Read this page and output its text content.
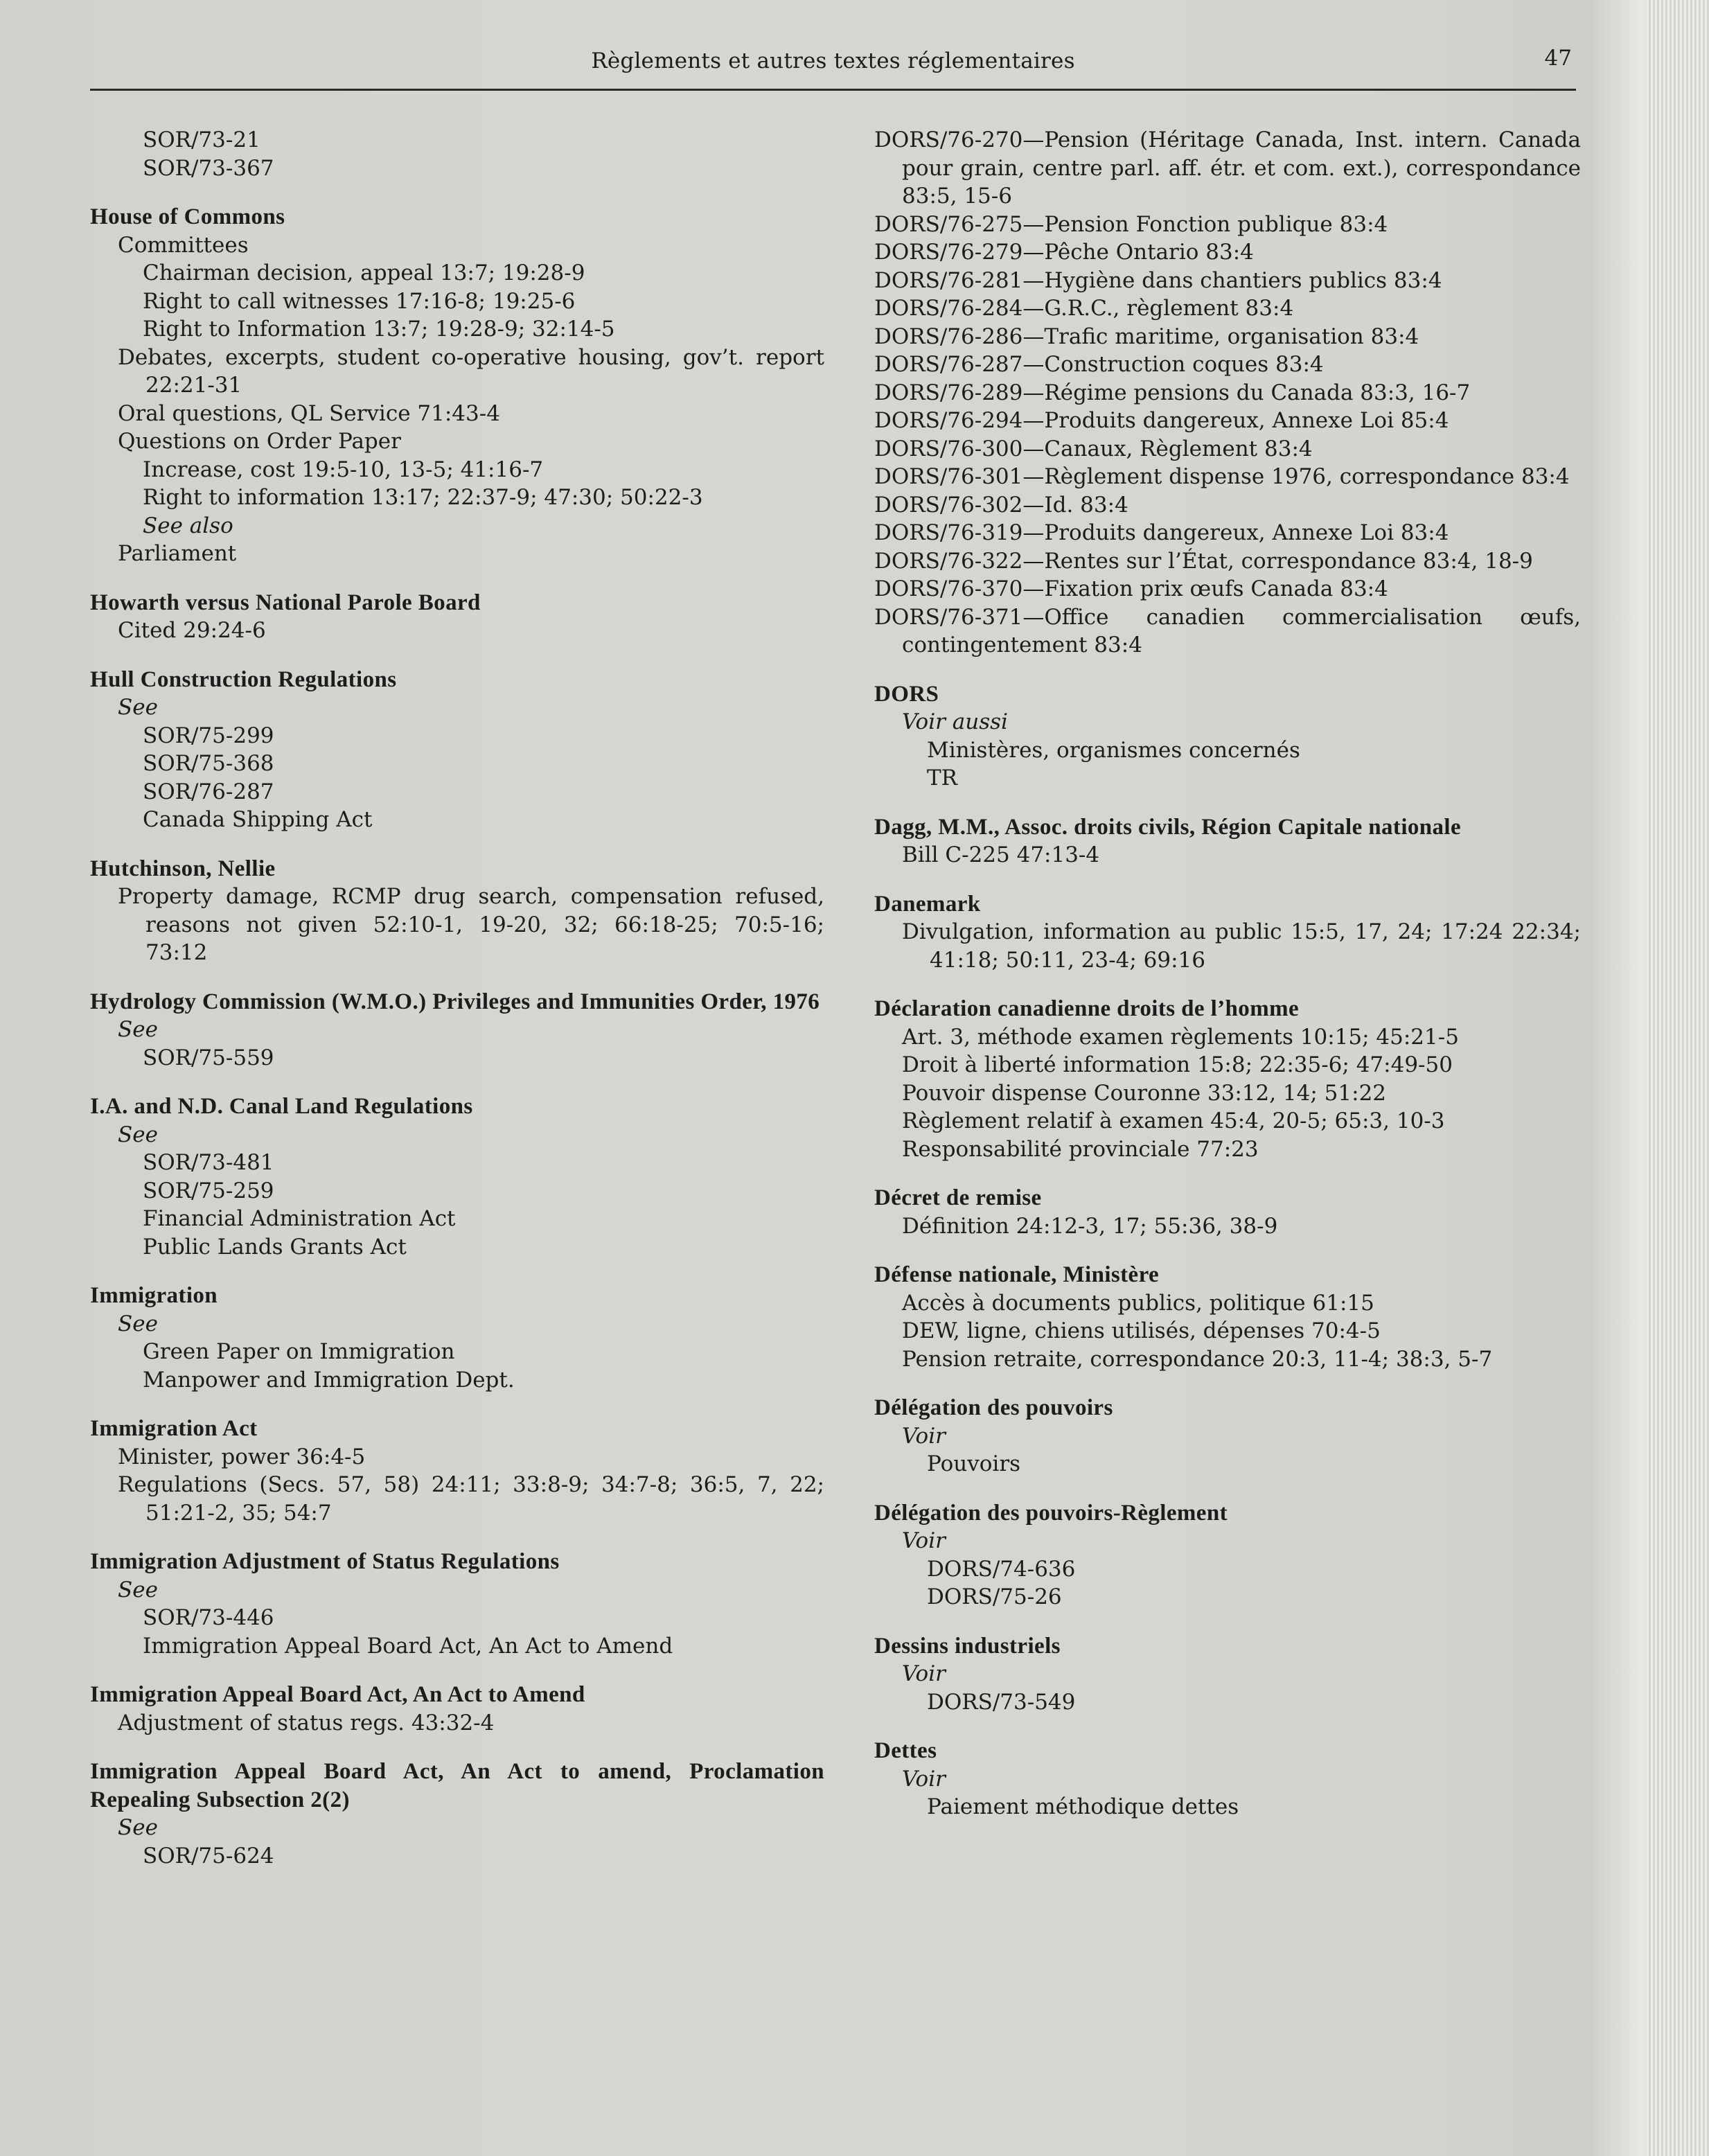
Règlements et autres textes réglementaires	47
SOR/73-21
SOR/73-367
House of Commons
Committees
Chairman decision, appeal 13:7; 19:28-9
Right to call witnesses 17:16-8; 19:25-6
Right to Information 13:7; 19:28-9; 32:14-5
Debates, excerpts, student co-operative housing, gov’t. report 22:21-31
Oral questions, QL Service 71:43-4
Questions on Order Paper
Increase, cost 19:5-10, 13-5; 41:16-7
Right to information 13:17; 22:37-9; 47:30; 50:22-3
See also
Parliament
Howarth versus National Parole Board
Cited 29:24-6
Hull Construction Regulations
See
SOR/75-299
SOR/75-368
SOR/76-287
Canada Shipping Act
Hutchinson, Nellie
Property damage, RCMP drug search, compensation refused, reasons not given 52:10-1, 19-20, 32; 66:18-25; 70:5-16; 73:12
Hydrology Commission (W.M.O.) Privileges and Immunities Order, 1976
See
SOR/75-559
I.A. and N.D. Canal Land Regulations
See
SOR/73-481
SOR/75-259
Financial Administration Act
Public Lands Grants Act
Immigration
See
Green Paper on Immigration
Manpower and Immigration Dept.
Immigration Act
Minister, power 36:4-5
Regulations (Secs. 57, 58) 24:11; 33:8-9; 34:7-8; 36:5, 7, 22; 51:21-2, 35; 54:7
Immigration Adjustment of Status Regulations
See
SOR/73-446
Immigration Appeal Board Act, An Act to Amend
Immigration Appeal Board Act, An Act to Amend
Adjustment of status regs. 43:32-4
Immigration Appeal Board Act, An Act to amend, Proclamation Repealing Subsection 2(2)
See
SOR/75-624
DORS/76-270—Pension (Héritage Canada, Inst. intern. Canada pour grain, centre parl. aff. étr. et com. ext.), correspondance 83:5, 15-6
DORS/76-275—Pension Fonction publique 83:4
DORS/76-279—Pêche Ontario 83:4
DORS/76-281—Hygiène dans chantiers publics 83:4
DORS/76-284—G.R.C., règlement 83:4
DORS/76-286—Trafic maritime, organisation 83:4
DORS/76-287—Construction coques 83:4
DORS/76-289—Régime pensions du Canada 83:3, 16-7
DORS/76-294—Produits dangereux, Annexe Loi 85:4
DORS/76-300—Canaux, Règlement 83:4
DORS/76-301—Règlement dispense 1976, correspondance 83:4
DORS/76-302—Id. 83:4
DORS/76-319—Produits dangereux, Annexe Loi 83:4
DORS/76-322—Rentes sur l’État, correspondance 83:4, 18-9
DORS/76-370—Fixation prix œufs Canada 83:4
DORS/76-371—Office canadien commercialisation œufs, contingentement 83:4
DORS
Voir aussi
Ministères, organismes concernés
TR
Dagg, M.M., Assoc. droits civils, Région Capitale nationale
Bill C-225 47:13-4
Danemark
Divulgation, information au public 15:5, 17, 24; 17:24 22:34; 41:18; 50:11, 23-4; 69:16
Déclaration canadienne droits de l’homme
Art. 3, méthode examen règlements 10:15; 45:21-5
Droit à liberté information 15:8; 22:35-6; 47:49-50
Pouvoir dispense Couronne 33:12, 14; 51:22
Règlement relatif à examen 45:4, 20-5; 65:3, 10-3
Responsabilité provinciale 77:23
Décret de remise
Définition 24:12-3, 17; 55:36, 38-9
Défense nationale, Ministère
Accès à documents publics, politique 61:15
DEW, ligne, chiens utilisés, dépenses 70:4-5
Pension retraite, correspondance 20:3, 11-4; 38:3, 5-7
Délégation des pouvoirs
Voir
Pouvoirs
Délégation des pouvoirs-Règlement
Voir
DORS/74-636
DORS/75-26
Dessins industriels
Voir
DORS/73-549
Dettes
Voir
Paiement méthodique dettes
